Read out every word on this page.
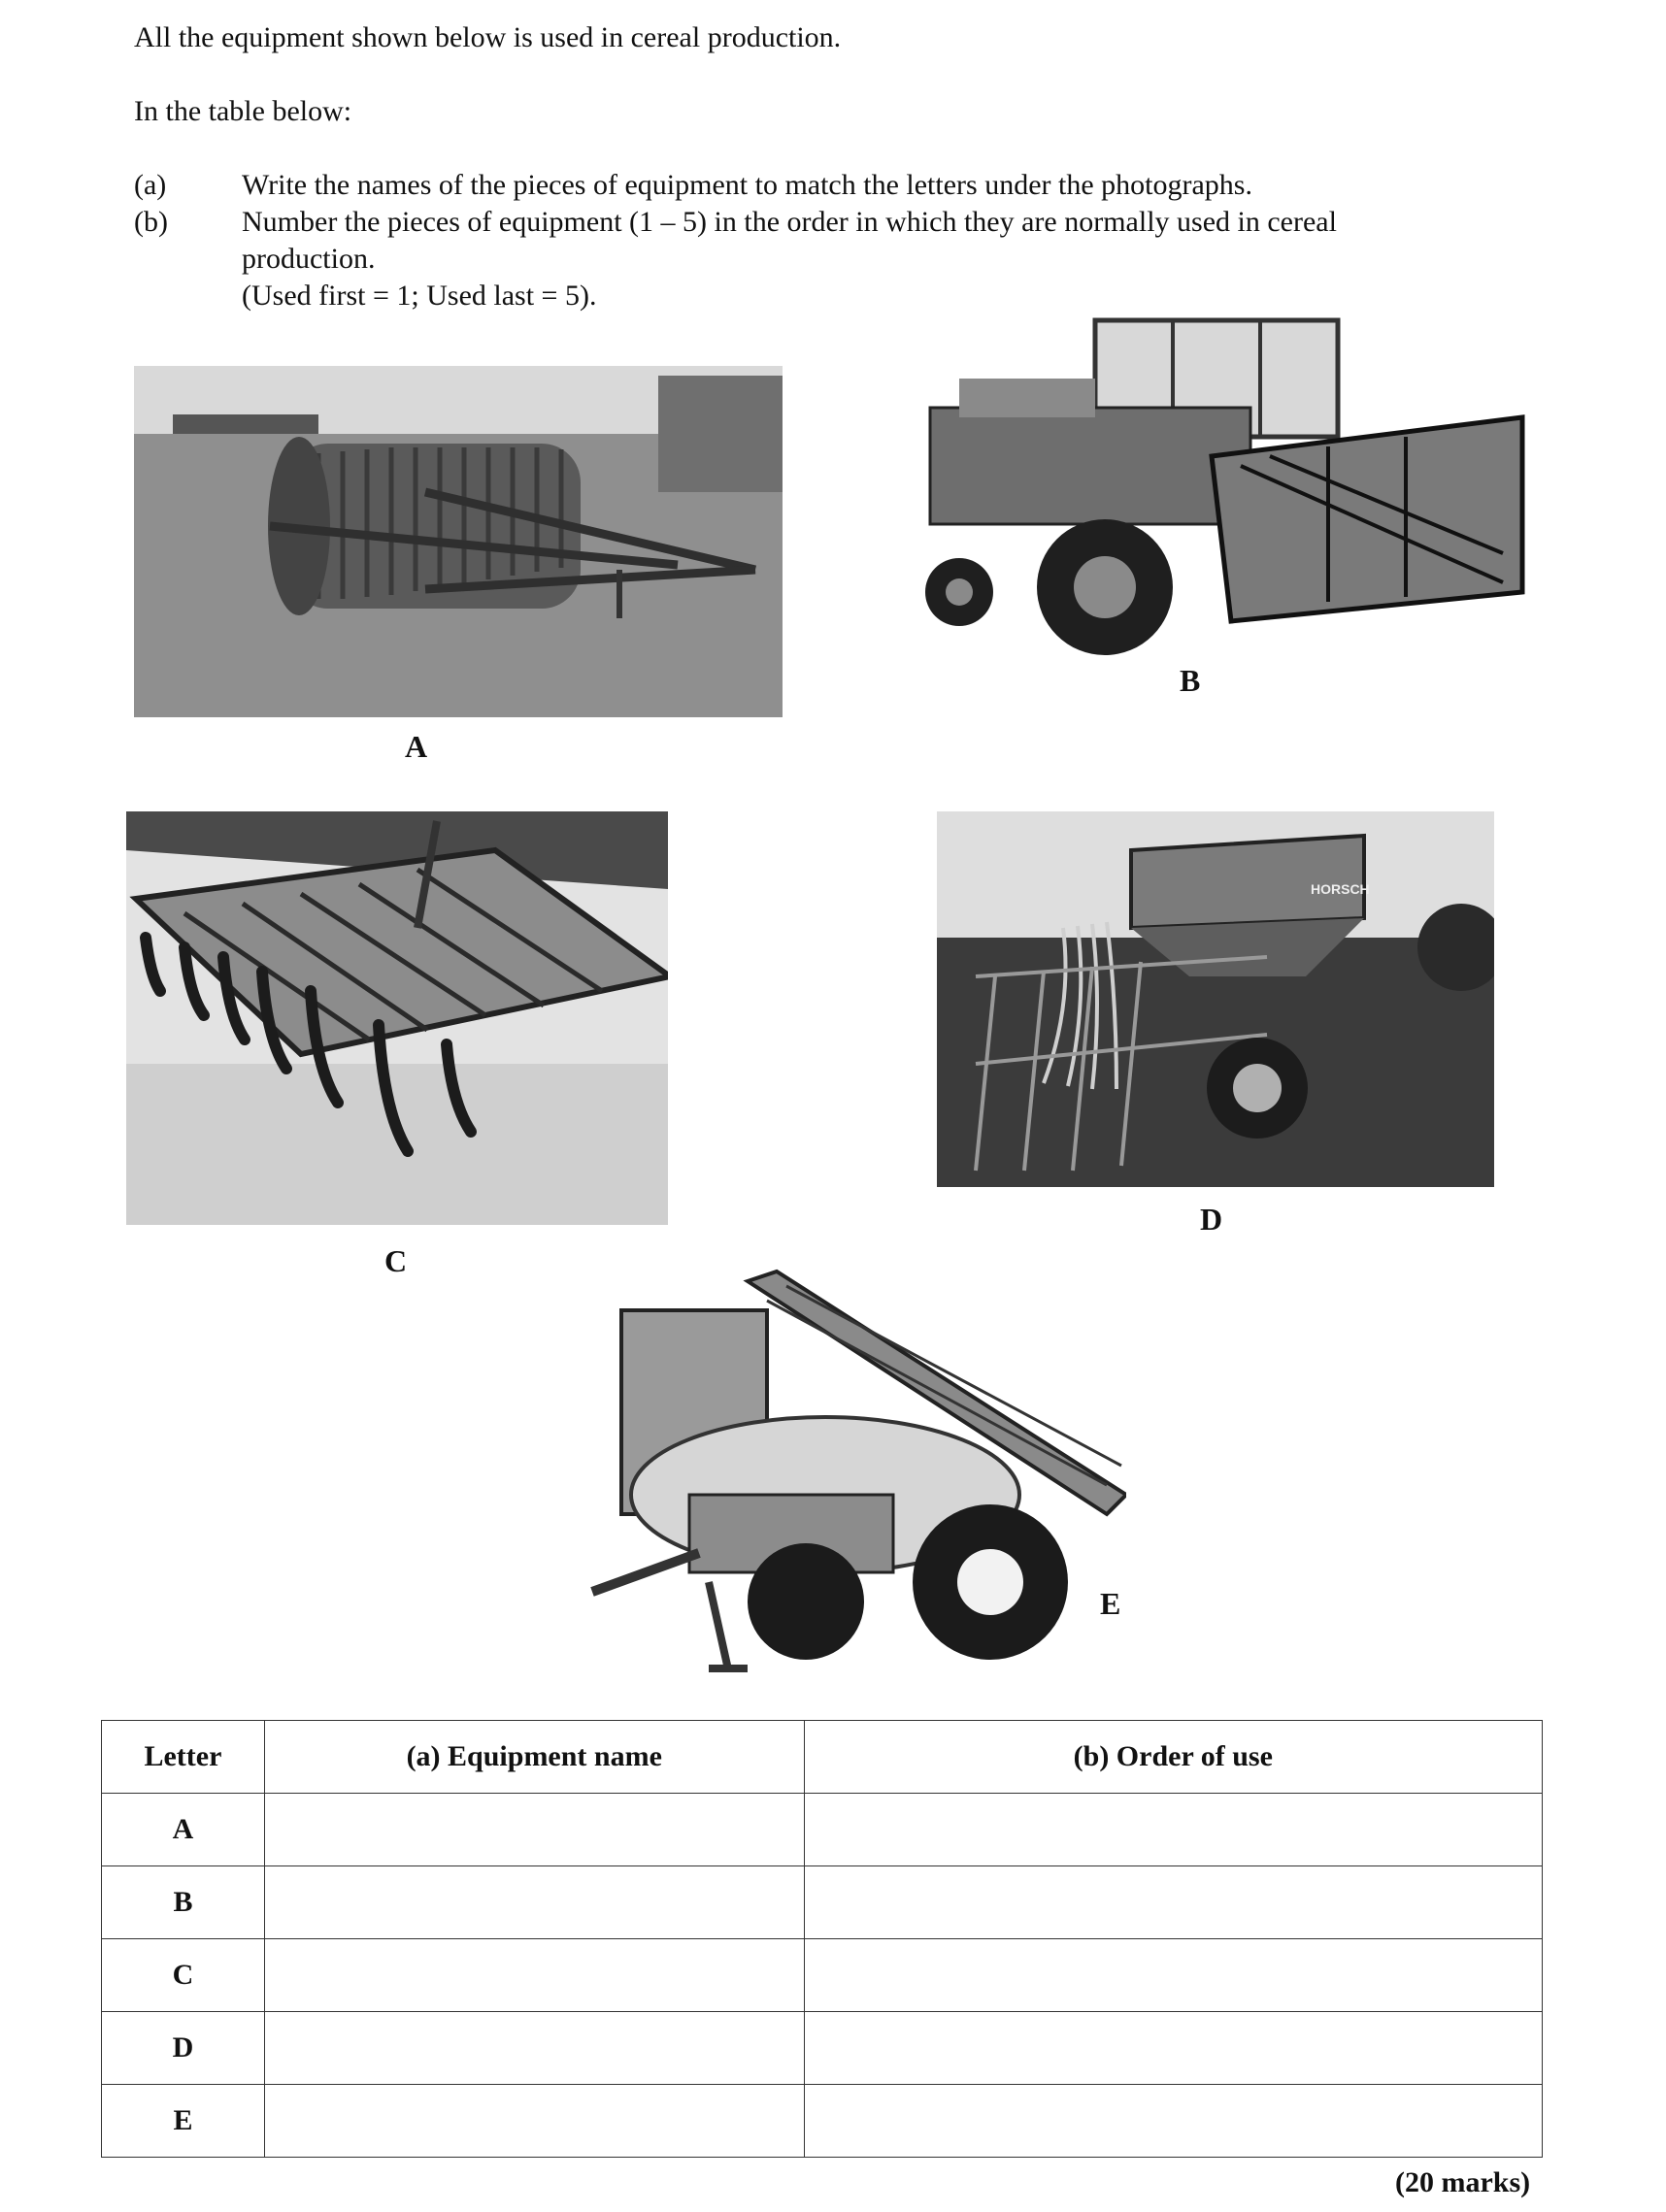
All the equipment shown below is used in cereal production.
In the table below:
(a)	Write the names of the pieces of equipment to match the letters under the photographs.
(b)	Number the pieces of equipment (1 – 5) in the order in which they are normally used in cereal
production.
(Used first = 1; Used last = 5).
A
B
C
HORSCH
D
E
Letter	(a) Equipment name	(b) Order of use
A		
B		
C		
D		
E		
(20 marks)
